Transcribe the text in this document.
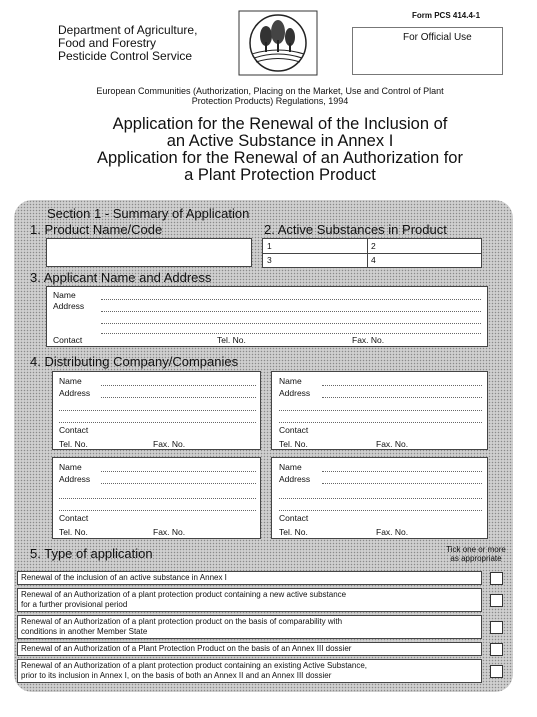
Department of Agriculture,
Food and Forestry
Pesticide Control Service
Form PCS 414.4-1
For Official Use
European Communities (Authorization, Placing on the Market, Use and Control of Plant
Protection Products) Regulations, 1994
Application for the Renewal of the Inclusion of
an Active Substance in Annex I
Application for the Renewal of an Authorization for
a Plant Protection Product
Section 1 - Summary of Application
1. Product Name/Code	2. Active Substances in Product
1	2
3	4
3. Applicant Name and Address
Name
Address
Contact	Tel. No.	Fax. No.
4. Distributing Company/Companies
Name
Address
Contact
Tel. No.	Fax. No.
Name
Address
Contact
Tel. No.	Fax. No.
Name
Address
Contact
Tel. No.	Fax. No.
Name
Address
Contact
Tel. No.	Fax. No.
5. Type of application	Tick one or more
as appropriate
Renewal of the inclusion of an active substance in Annex I
Renewal of an Authorization of a plant protection product containing a new active substance
for a further provisional period
Renewal of an Authorization of a plant protection product on the basis of comparability with
conditions in another Member State
Renewal of an Authorization of a Plant Protection Product on the basis of an Annex III dossier
Renewal of an Authorization of a plant protection product containing an existing Active Substance,
prior to its inclusion in Annex I, on the basis of both an Annex II and an Annex III dossier
